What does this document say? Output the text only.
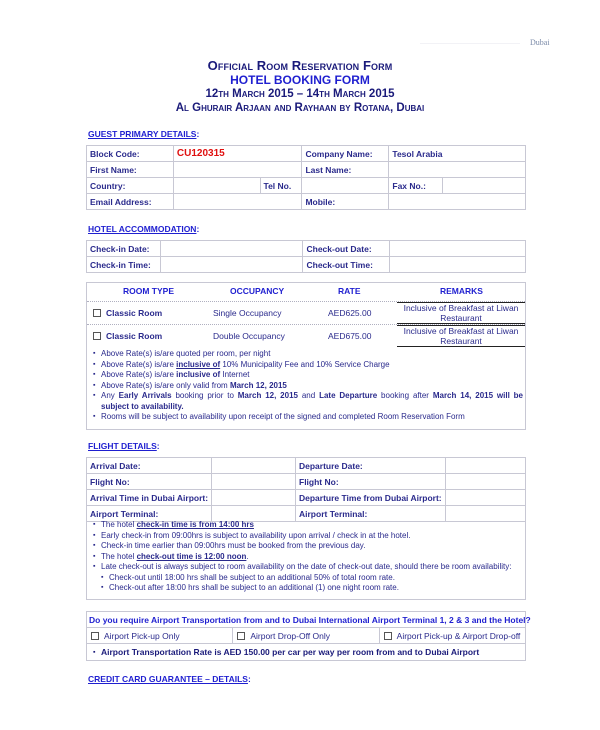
Dubai
Official Room Reservation Form
HOTEL BOOKING FORM
12th March 2015 – 14th March 2015
Al Ghurair Arjaan and Rayhaan by Rotana, Dubai
GUEST PRIMARY DETAILS:
Block Code:	CU120315		Company Name:	Tesol Arabia	
First Name:			Last Name:		
Country:		Tel No.		Fax No.:	
Email Address:			Mobile:		
HOTEL ACCOMMODATION:
Check-in Date:		Check-out Date:	
Check-in Time:		Check-out Time:	
ROOM TYPE	OCCUPANCY	RATE	REMARKS
Classic Room	Single Occupancy	AED625.00	Inclusive of Breakfast at Liwan
Restaurant
Classic Room	Double Occupancy	AED675.00	Inclusive of Breakfast at Liwan
Restaurant
▪ Above Rate(s) is/are quoted per room, per night
▪ Above Rate(s) is/are inclusive of 10% Municipality Fee and 10% Service Charge
▪ Above Rate(s) is/are inclusive of Internet
▪ Above Rate(s) is/are only valid from March 12, 2015
▪ Any Early Arrivals booking prior to March 12, 2015 and Late Departure booking after March 14, 2015 will be subject to availability.
▪ Rooms will be subject to availability upon receipt of the signed and completed Room Reservation Form
FLIGHT DETAILS:
Arrival Date:		Departure Date:	
Flight No:		Flight No:	
Arrival Time in Dubai Airport:		Departure Time from Dubai Airport:	
Airport Terminal:		Airport Terminal:	
▪ The hotel check-in time is from 14:00 hrs
▪ Early check-in from 09:00hrs is subject to availability upon arrival / check in at the hotel.
▪ Check-in time earlier than 09:00hrs must be booked from the previous day.
▪ The hotel check-out time is 12:00 noon.
▪ Late check-out is always subject to room availability on the date of check-out date, should there be room availability:
▪ Check-out until 18:00 hrs shall be subject to an additional 50% of total room rate.
▪ Check-out after 18:00 hrs shall be subject to an additional (1) one night room rate.
Do you require Airport Transportation from and to Dubai International Airport Terminal 1, 2 & 3 and the Hotel?
Airport Pick-up Only	Airport Drop-Off Only	Airport Pick-up & Airport Drop-off
▪ Airport Transportation Rate is AED 150.00 per car per way per room from and to Dubai Airport
CREDIT CARD GUARANTEE – DETAILS:
